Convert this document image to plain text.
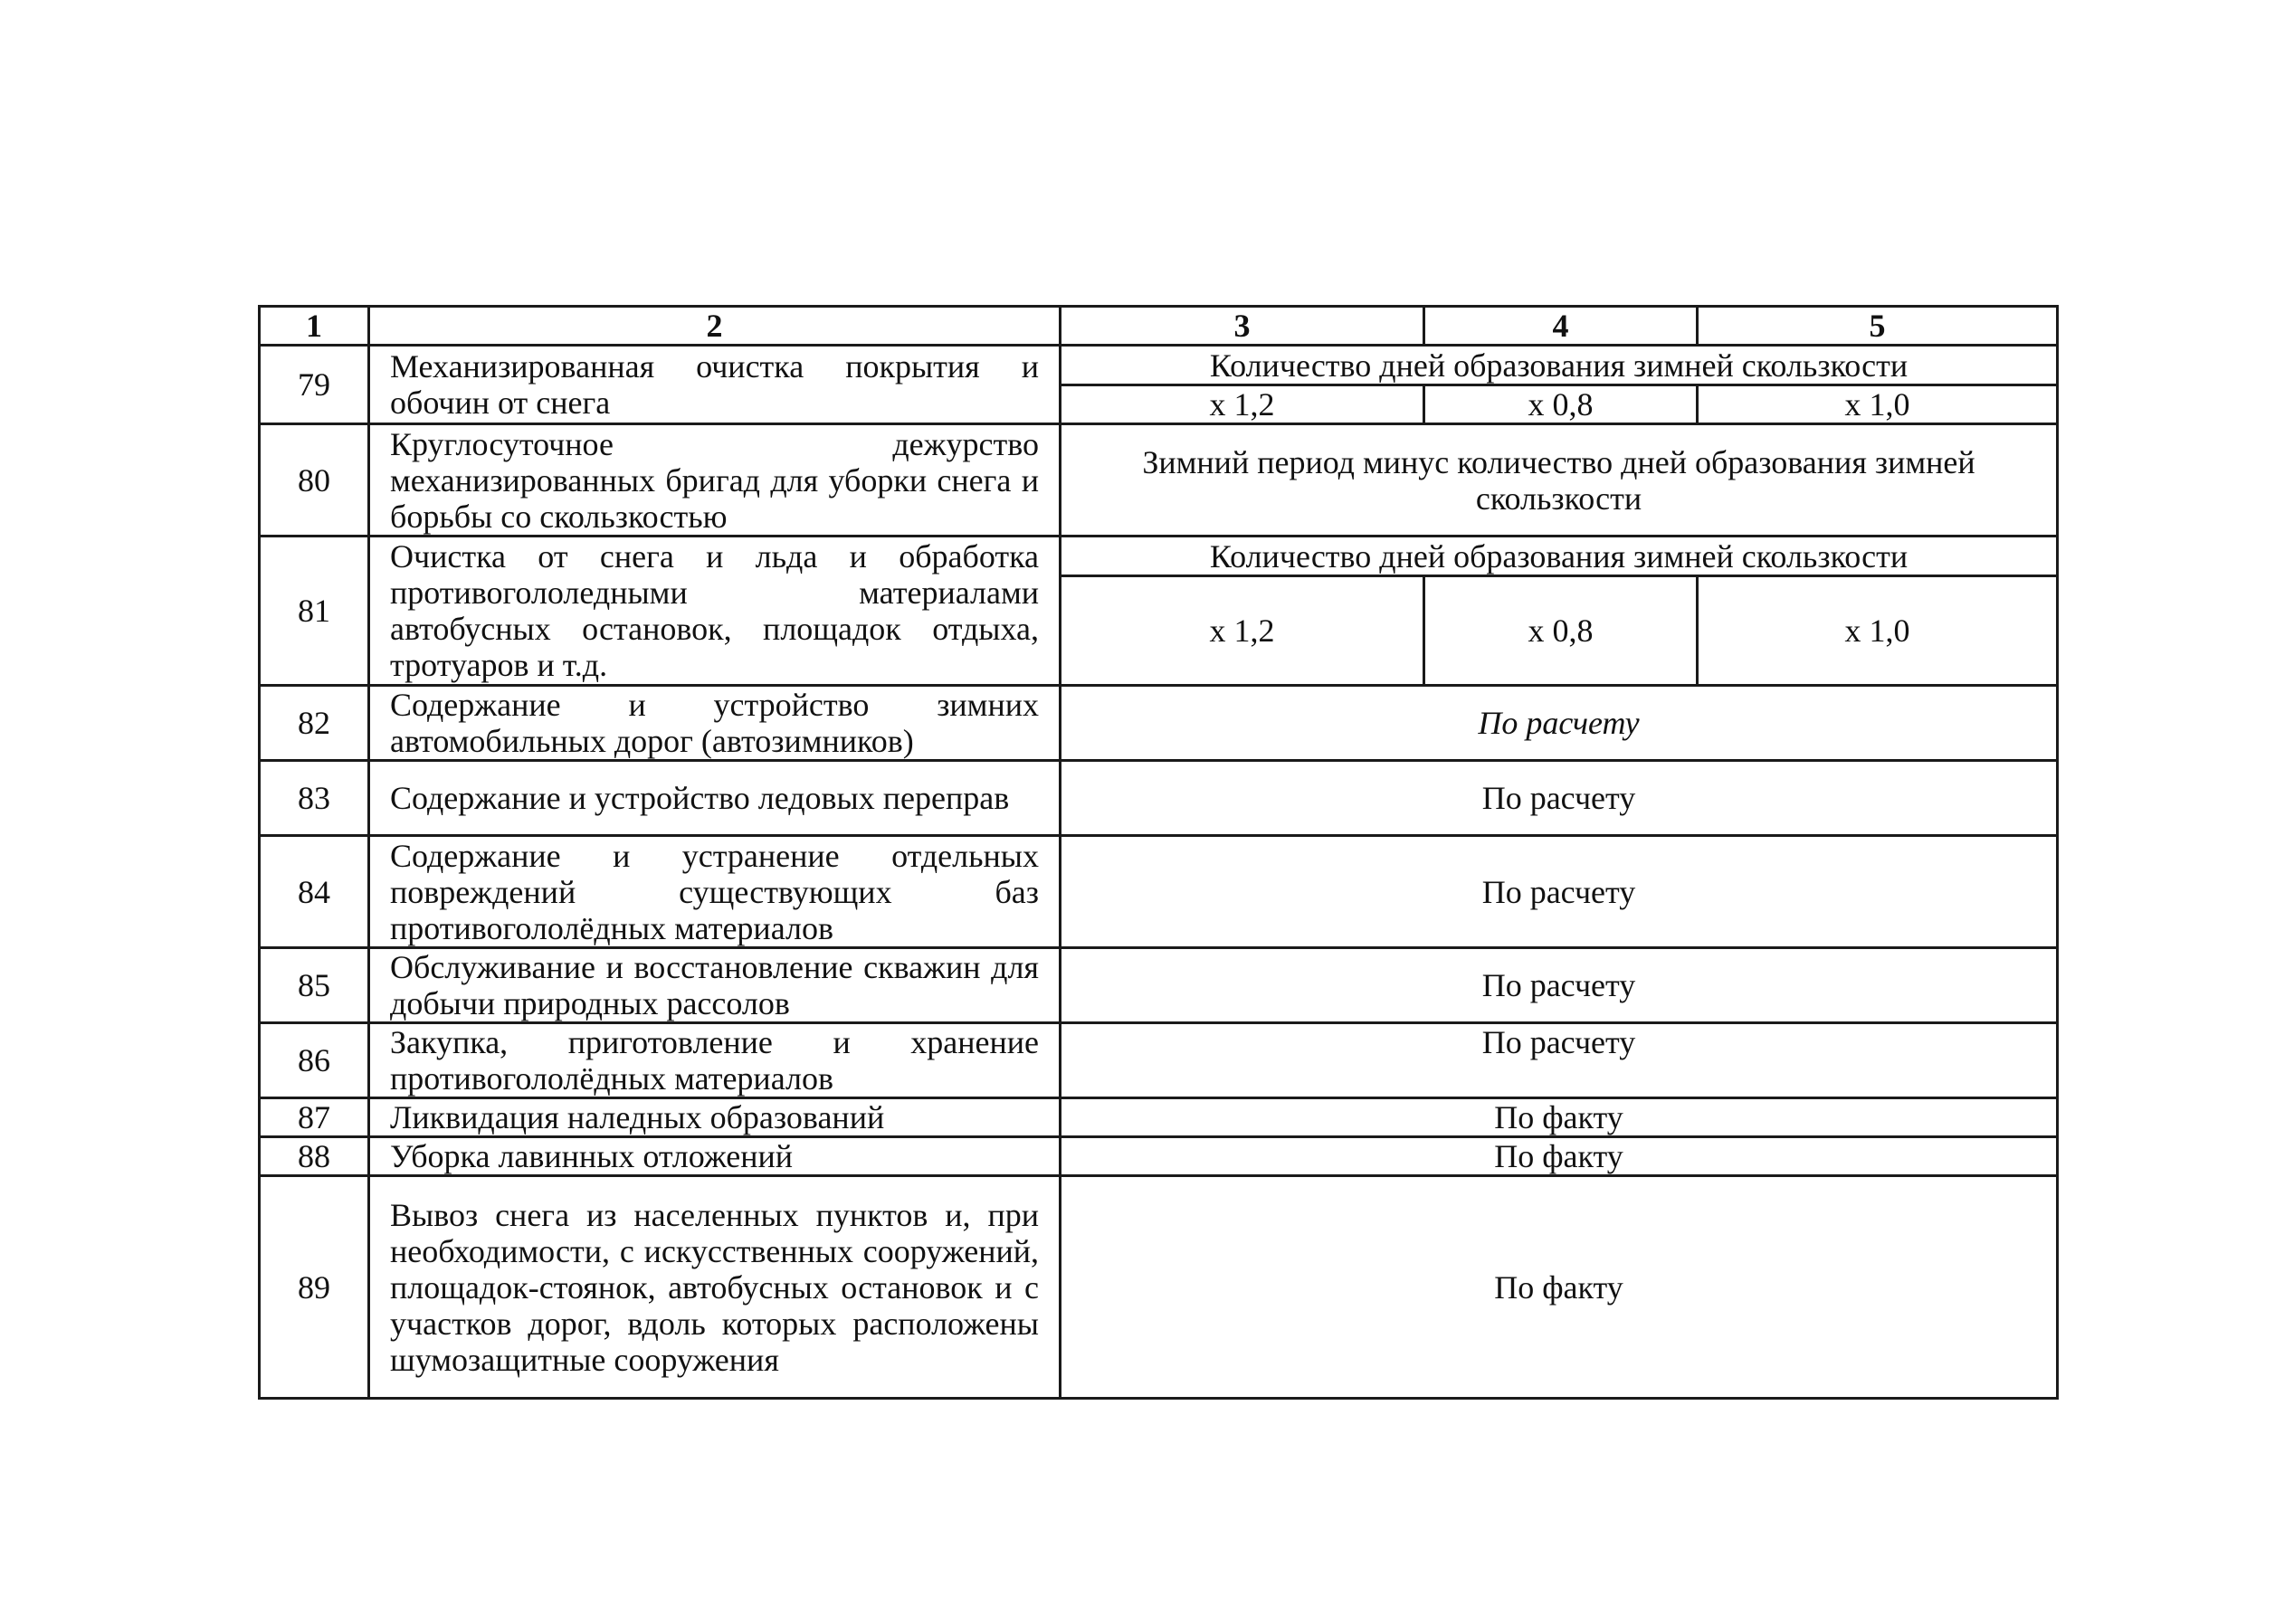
1	2	3	4	5
79	Механизированная очистка покрытия и обочин от снега	Количество дней образования зимней скользкости		
		х 1,2	х 0,8	х 1,0
80	Круглосуточное дежурство механизированных бригад для уборки снега и борьбы со скользкостью	Зимний период минус количество дней образования зимней скользкости		
81	Очистка от снега и льда и обработка противогололедными материалами автобусных остановок, площадок отдыха, тротуаров и т.д.	Количество дней образования зимней скользкости		
		х 1,2	х 0,8	х 1,0
82	Содержание и устройство зимних автомобильных дорог (автозимников)	По расчету		
83	Содержание и устройство ледовых переправ	По расчету		
84	Содержание и устранение отдельных повреждений существующих баз противогололёдных материалов	По расчету		
85	Обслуживание и восстановление скважин для добычи природных рассолов	По расчету		
86	Закупка, приготовление и хранение противогололёдных материалов	По расчету		
87	Ликвидация наледных образований	По факту		
88	Уборка лавинных отложений	По факту		
89	Вывоз снега из населенных пунктов и, при необходимости, с искусственных сооружений, площадок-стоянок, автобусных остановок и с участков дорог, вдоль которых расположены шумозащитные сооружения	По факту		
